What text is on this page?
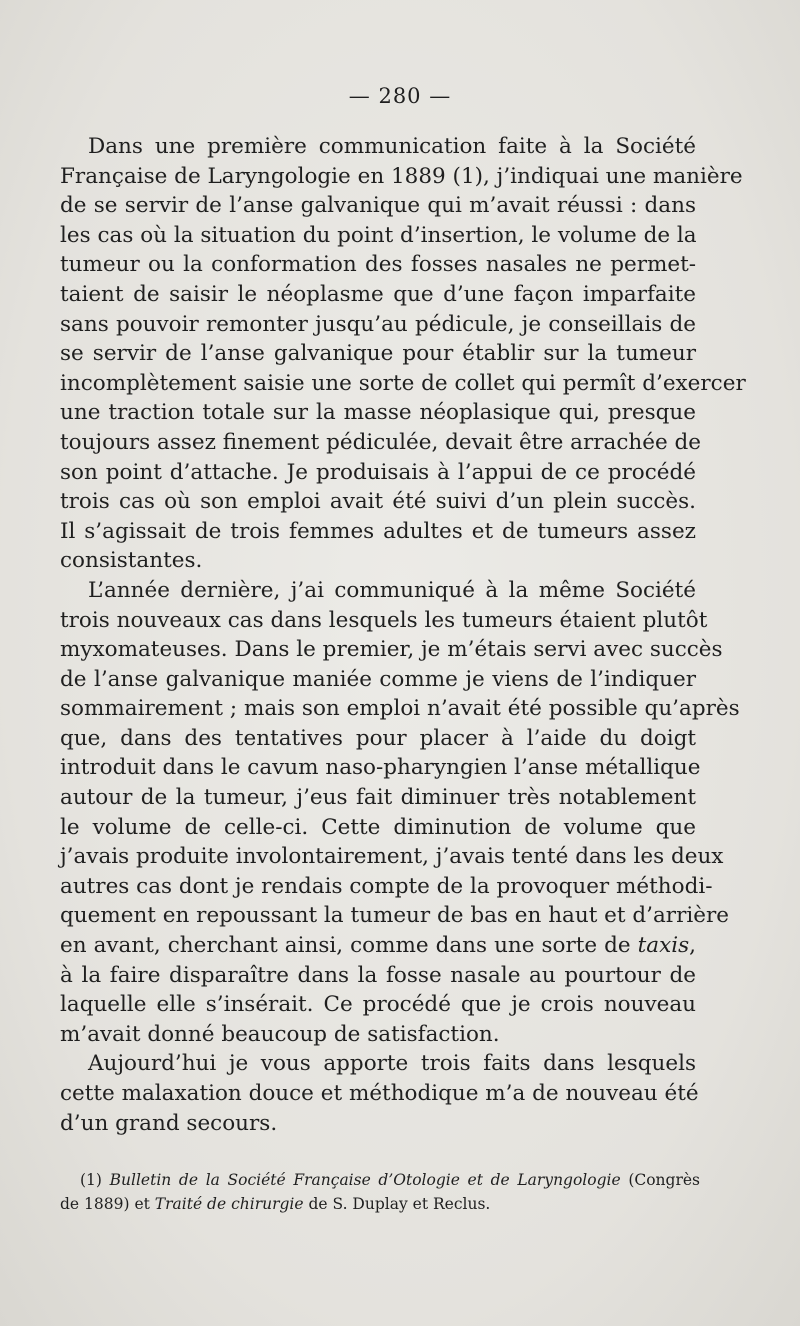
— 280 —
Dans une première communication faite à la Société
Française de Laryngologie en 1889 (1), j’indiquai une manière
de se servir de l’anse galvanique qui m’avait réussi : dans
les cas où la situation du point d’insertion, le volume de la
tumeur ou la conformation des fosses nasales ne permet-
taient de saisir le néoplasme que d’une façon imparfaite
sans pouvoir remonter jusqu’au pédicule, je conseillais de
se servir de l’anse galvanique pour établir sur la tumeur
incomplètement saisie une sorte de collet qui permît d’exercer
une traction totale sur la masse néoplasique qui, presque
toujours assez finement pédiculée, devait être arrachée de
son point d’attache. Je produisais à l’appui de ce procédé
trois cas où son emploi avait été suivi d’un plein succès.
Il s’agissait de trois femmes adultes et de tumeurs assez
consistantes.
L’année dernière, j’ai communiqué à la même Société
trois nouveaux cas dans lesquels les tumeurs étaient plutôt
myxomateuses. Dans le premier, je m’étais servi avec succès
de l’anse galvanique maniée comme je viens de l’indiquer
sommairement ; mais son emploi n’avait été possible qu’après
que, dans des tentatives pour placer à l’aide du doigt
introduit dans le cavum naso-pharyngien l’anse métallique
autour de la tumeur, j’eus fait diminuer très notablement
le volume de celle-ci. Cette diminution de volume que
j’avais produite involontairement, j’avais tenté dans les deux
autres cas dont je rendais compte de la provoquer méthodi-
quement en repoussant la tumeur de bas en haut et d’arrière
en avant, cherchant ainsi, comme dans une sorte de taxis,
à la faire disparaître dans la fosse nasale au pourtour de
laquelle elle s’insérait. Ce procédé que je crois nouveau
m’avait donné beaucoup de satisfaction.
Aujourd’hui je vous apporte trois faits dans lesquels
cette malaxation douce et méthodique m’a de nouveau été
d’un grand secours.
(1) Bulletin de la Société Française d’Otologie et de Laryngologie (Congrès
de 1889) et Traité de chirurgie de S. Duplay et Reclus.
